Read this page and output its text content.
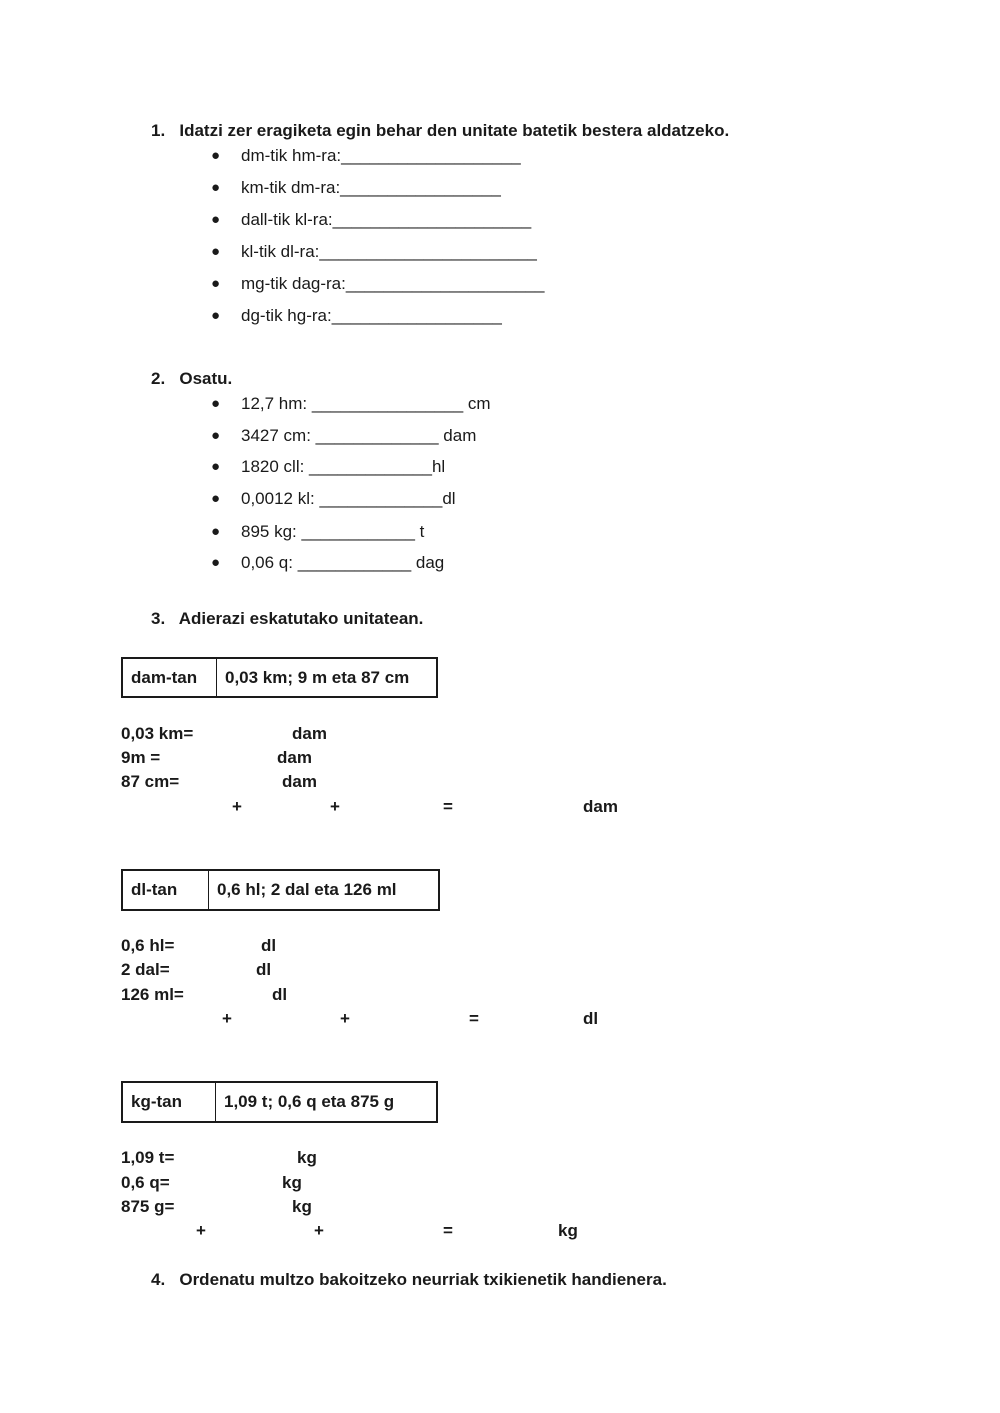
1.   Idatzi zer eragiketa egin behar den unitate batetik bestera aldatzeko.
● dm-tik hm-ra:___________________
● km-tik dm-ra:_________________
● dall-tik kl-ra:_____________________
● kl-tik dl-ra:_______________________
● mg-tik dag-ra:_____________________
● dg-tik hg-ra:__________________
2.   Osatu.
● 12,7 hm: ________________ cm
● 3427 cm: _____________ dam
● 1820 cll: _____________hl
● 0,0012 kl: _____________dl
● 895 kg: ____________ t
● 0,06 q: ____________ dag
3.   Adierazi eskatutako unitatean.
dam-tan	0,03 km; 9 m eta 87 cm
0,03 km=	dam
9m =	dam
87 cm=	dam
+	+	=	dam
dl-tan	0,6 hl; 2 dal eta 126 ml
0,6 hl=	dl
2 dal=	dl
126 ml=	dl
+	+	=	dl
kg-tan	1,09 t; 0,6 q eta 875 g
1,09 t=	kg
0,6 q=	kg
875 g=	kg
+	+	=	kg
4.   Ordenatu multzo bakoitzeko neurriak txikienetik handienera.
